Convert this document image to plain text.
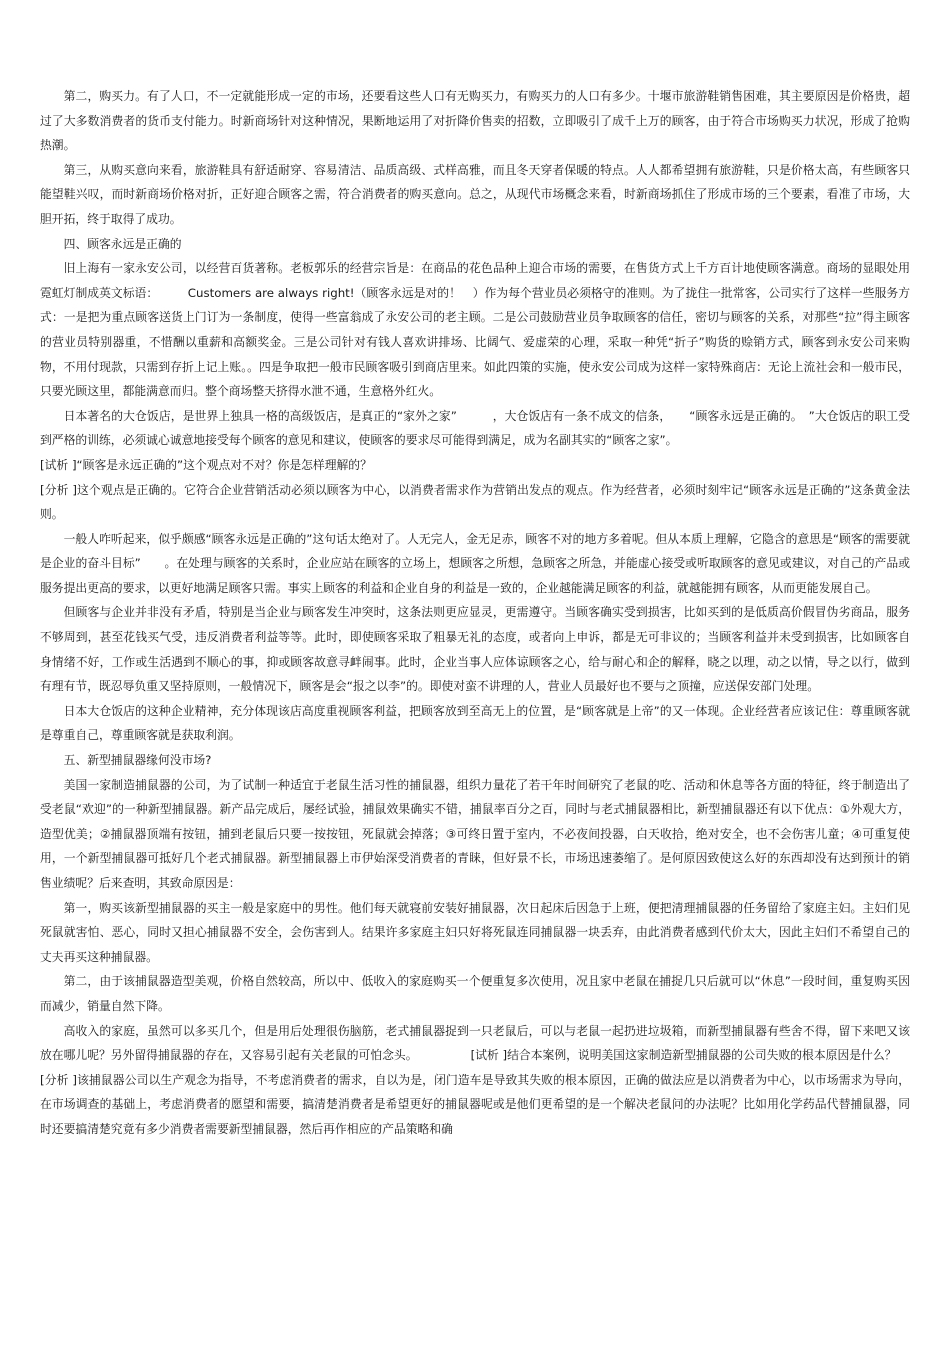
第二，购买力。有了人口，不一定就能形成一定的市场，还要看这些人口有无购买力，有购买力的人口有多少。十堰市旅游鞋销售困难，其主要原因是价格贵，超过了大多数消费者的货币支付能力。时新商场针对这种情况，果断地运用了对折降价售卖的招数，立即吸引了成千上万的顾客，由于符合市场购买力状况，形成了抢购热潮。

第三，从购买意向来看，旅游鞋具有舒适耐穿、容易清洁、品质高级、式样高雅，而且冬天穿者保暖的特点。人人都希望拥有旅游鞋，只是价格太高，有些顾客只能望鞋兴叹，而时新商场价格对折，正好迎合顾客之需，符合消费者的购买意向。总之，从现代市场概念来看，时新商场抓住了形成市场的三个要素，看准了市场，大胆开拓，终于取得了成功。

四、顾客永远是正确的

旧上海有一家永安公司，以经营百货著称。老板郭乐的经营宗旨是：在商品的花色品种上迎合市场的需要，在售货方式上千方百计地使顾客满意。商场的显眼处用霓虹灯制成英文标语：　　　Customers are always right!（顾客永远是对的！　）作为每个营业员必须格守的准则。为了拢住一批常客，公司实行了这样一些服务方式：一是把为重点顾客送货上门订为一条制度，使得一些富翁成了永安公司的老主顾。二是公司鼓励营业员争取顾客的信任，密切与顾客的关系，对那些“拉”得主顾客的营业员特别器重，不惜酬以重薪和高额奖金。三是公司针对有钱人喜欢讲排场、比阔气、爱虚荣的心理，采取一种凭“折子”购货的赊销方式，顾客到永安公司来购物，不用付现款，只需到存折上记上账。。四是争取把一般市民顾客吸引到商店里来。如此四策的实施，使永安公司成为这样一家特殊商店：无论上流社会和一般市民，只要光顾这里，都能满意而归。整个商场整天挤得水泄不通，生意格外红火。

日本著名的大仓饭店，是世界上独具一格的高级饭店，是真正的“家外之家”　　　，大仓饭店有一条不成文的信条，　　“顾客永远是正确的。　”大仓饭店的职工受到严格的训练，必须诚心诚意地接受每个顾客的意见和建议，使顾客的要求尽可能得到满足，成为名副其实的“顾客之家”。

[试析 ]“顾客是永远正确的”这个观点对不对？你是怎样理解的？

[分析 ]这个观点是正确的。它符合企业营销活动必须以顾客为中心，以消费者需求作为营销出发点的观点。作为经营者，必须时刻牢记“顾客永远是正确的”这条黄金法则。

一般人咋听起来，似乎颇感“顾客永远是正确的”这句话太绝对了。人无完人，金无足赤，顾客不对的地方多着呢。但从本质上理解，它隐含的意思是“顾客的需要就是企业的奋斗目标”　　。在处理与顾客的关系时，企业应站在顾客的立场上，想顾客之所想，急顾客之所急，并能虚心接受或听取顾客的意见或建议，对自己的产品或服务提出更高的要求，以更好地满足顾客只需。事实上顾客的利益和企业自身的利益是一致的，企业越能满足顾客的利益，就越能拥有顾客，从而更能发展自己。

但顾客与企业并非没有矛盾，特别是当企业与顾客发生冲突时，这条法则更应显灵，更需遵守。当顾客确实受到损害，比如买到的是低质高价假冒伪劣商品，服务不够周到，甚至花钱买气受，违反消费者利益等等。此时，即使顾客采取了粗暴无礼的态度，或者向上申诉，都是无可非议的；当顾客利益并未受到损害，比如顾客自身情绪不好，工作或生活遇到不顺心的事，抑或顾客故意寻衅闹事。此时，企业当事人应体谅顾客之心，给与耐心和企的解释，晓之以理，动之以情，导之以行，做到有理有节，既忍辱负重又坚持原则，一般情况下，顾客是会“报之以李”的。即使对蛮不讲理的人，营业人员最好也不要与之顶撞，应送保安部门处理。

日本大仓饭店的这种企业精神，充分体现该店高度重视顾客利益，把顾客放到至高无上的位置，是“顾客就是上帝”的又一体现。企业经营者应该记住：尊重顾客就是尊重自己，尊重顾客就是获取利润。

五、新型捕鼠器缘何没市场?

美国一家制造捕鼠器的公司，为了试制一种适宜于老鼠生活习性的捕鼠器，组织力量花了若干年时间研究了老鼠的吃、活动和休息等各方面的特征，终于制造出了受老鼠“欢迎”的一种新型捕鼠器。新产品完成后，屡经试验，捕鼠效果确实不错，捕鼠率百分之百，同时与老式捕鼠器相比，新型捕鼠器还有以下优点：①外观大方，造型优美；②捕鼠器顶端有按钮，捕到老鼠后只要一按按钮，死鼠就会掉落；③可终日置于室内，不必夜间投器，白天收拾，绝对安全，也不会伤害儿童；④可重复使用，一个新型捕鼠器可抵好几个老式捕鼠器。新型捕鼠器上市伊始深受消费者的青睐，但好景不长，市场迅速萎缩了。是何原因致使这么好的东西却没有达到预计的销售业绩呢？后来查明，其致命原因是：

第一，购买该新型捕鼠器的买主一般是家庭中的男性。他们每天就寝前安装好捕鼠器，次日起床后因急于上班，便把清理捕鼠器的任务留给了家庭主妇。主妇们见死鼠就害怕、恶心，同时又担心捕鼠器不安全，会伤害到人。结果许多家庭主妇只好将死鼠连同捕鼠器一块丢弃，由此消费者感到代价太大，因此主妇们不希望自己的丈夫再买这种捕鼠器。

第二，由于该捕鼠器造型美观，价格自然较高，所以中、低收入的家庭购买一个便重复多次使用，况且家中老鼠在捕捉几只后就可以“休息”一段时间，重复购买因而减少，销量自然下降。

高收入的家庭，虽然可以多买几个，但是用后处理很伤脑筋，老式捕鼠器捉到一只老鼠后，可以与老鼠一起扔进垃圾箱，而新型捕鼠器有些舍不得，留下来吧又该放在哪儿呢？另外留得捕鼠器的存在，又容易引起有关老鼠的可怕念头。　　　　　[试析 ]结合本案例，说明美国这家制造新型捕鼠器的公司失败的根本原因是什么？

[分析 ]该捕鼠器公司以生产观念为指导，不考虑消费者的需求，自以为是，闭门造车是导致其失败的根本原因，正确的做法应是以消费者为中心，以市场需求为导向，在市场调查的基础上，考虑消费者的愿望和需要，搞清楚消费者是希望更好的捕鼠器呢或是他们更希望的是一个解决老鼠问的办法呢？比如用化学药品代替捕鼠器，同时还要搞清楚究竟有多少消费者需要新型捕鼠器，然后再作相应的产品策略和确
